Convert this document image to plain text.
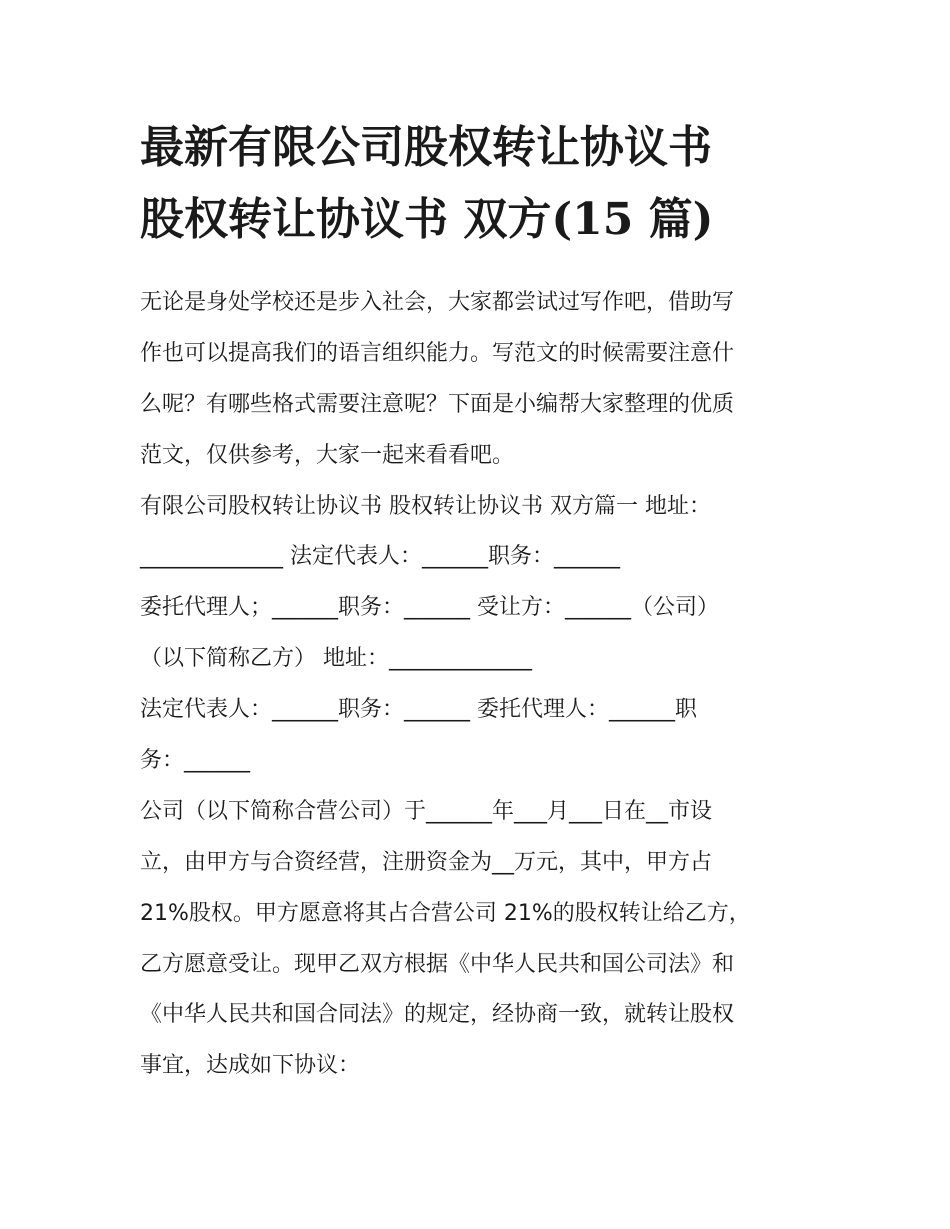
最新有限公司股权转让协议书
股权转让协议书 双方(15 篇)
无论是身处学校还是步入社会，大家都尝试过写作吧，借助写
作也可以提高我们的语言组织能力。写范文的时候需要注意什
么呢？有哪些格式需要注意呢？下面是小编帮大家整理的优质
范文，仅供参考，大家一起来看看吧。
有限公司股权转让协议书 股权转让协议书 双方篇一 地址：
_____________ 法定代表人：______职务：______
委托代理人；______职务：______ 受让方：______（公司）
（以下简称乙方） 地址：_____________
法定代表人：______职务：______ 委托代理人：______职
务：______
公司（以下简称合营公司）于______年___月___日在__市设
立，由甲方与合资经营，注册资金为__万元，其中，甲方占
21%股权。甲方愿意将其占合营公司 21%的股权转让给乙方，
乙方愿意受让。现甲乙双方根据《中华人民共和国公司法》和
《中华人民共和国合同法》的规定，经协商一致，就转让股权
事宜，达成如下协议：
